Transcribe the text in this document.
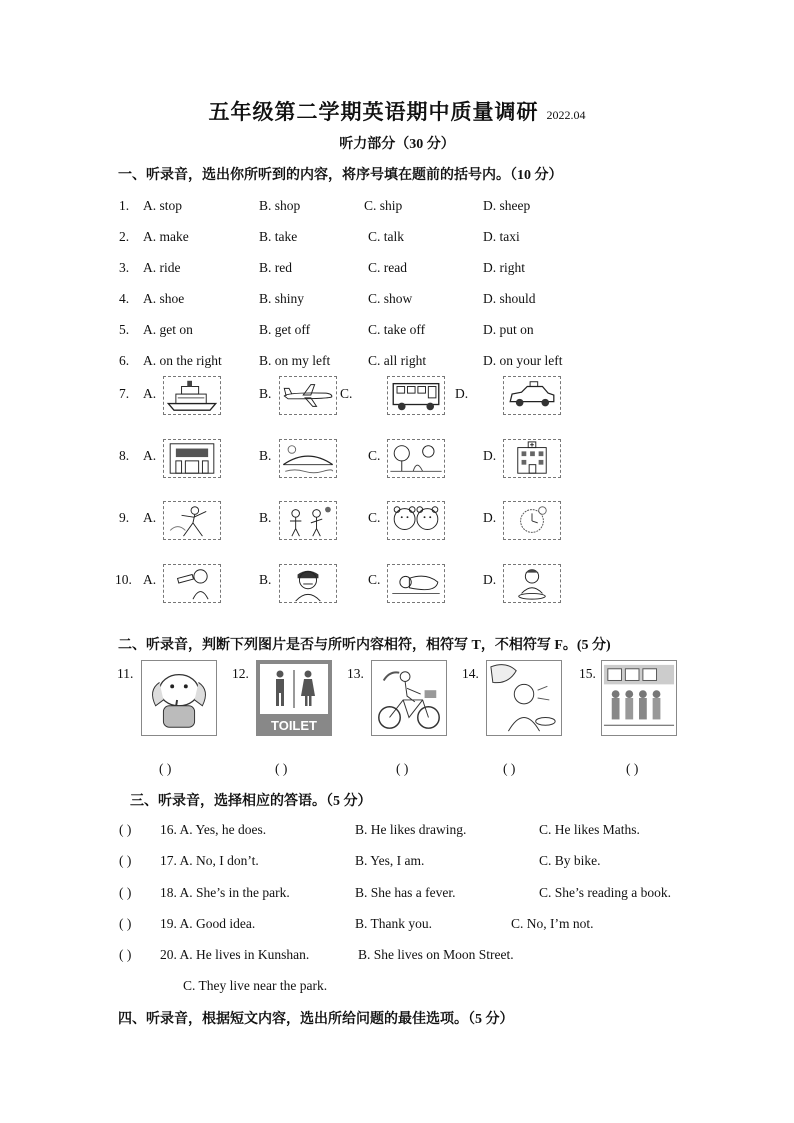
五年级第二学期英语期中质量调研 2022.04
听力部分（30 分）
一、听录音，选出你所听到的内容，将序号填在题前的括号内。（10 分）
1. A. stop	B. shop	C. ship	D. sheep
2. A. make	B. take	C. talk	D. taxi
3. A. ride	B. red	C. read	D. right
4. A. shoe	B. shiny	C. show	D. should
5. A. get on	B. get off	C. take off	D. put on
6. A. on the right	B. on my left	C. all right	D. on your left
7. A.	B.	C.	D.
8. A.	B.	C.	D.
9. A.	B.	C.	D.
10. A.	B.	C.	D.
二、听录音，判断下列图片是否与所听内容相符，相符写 T，不相符写 F。(5 分)
11.	12.
TOILET
13.	14.	15.
( )	( )	( )	( )	( )
三、听录音，选择相应的答语。（5 分）
( ) 16. A. Yes, he does.	B. He likes drawing.	C. He likes Maths.
( ) 17. A. No, I don’t.	B. Yes, I am.	C. By bike.
( ) 18. A. She’s in the park.	B. She has a fever.	C. She’s reading a book.
( ) 19. A. Good idea.	B. Thank you.	C. No, I’m not.
( ) 20. A. He lives in Kunshan.	B. She lives on Moon Street.
C. They live near the park.
四、听录音，根据短文内容，选出所给问题的最佳选项。（5 分）
